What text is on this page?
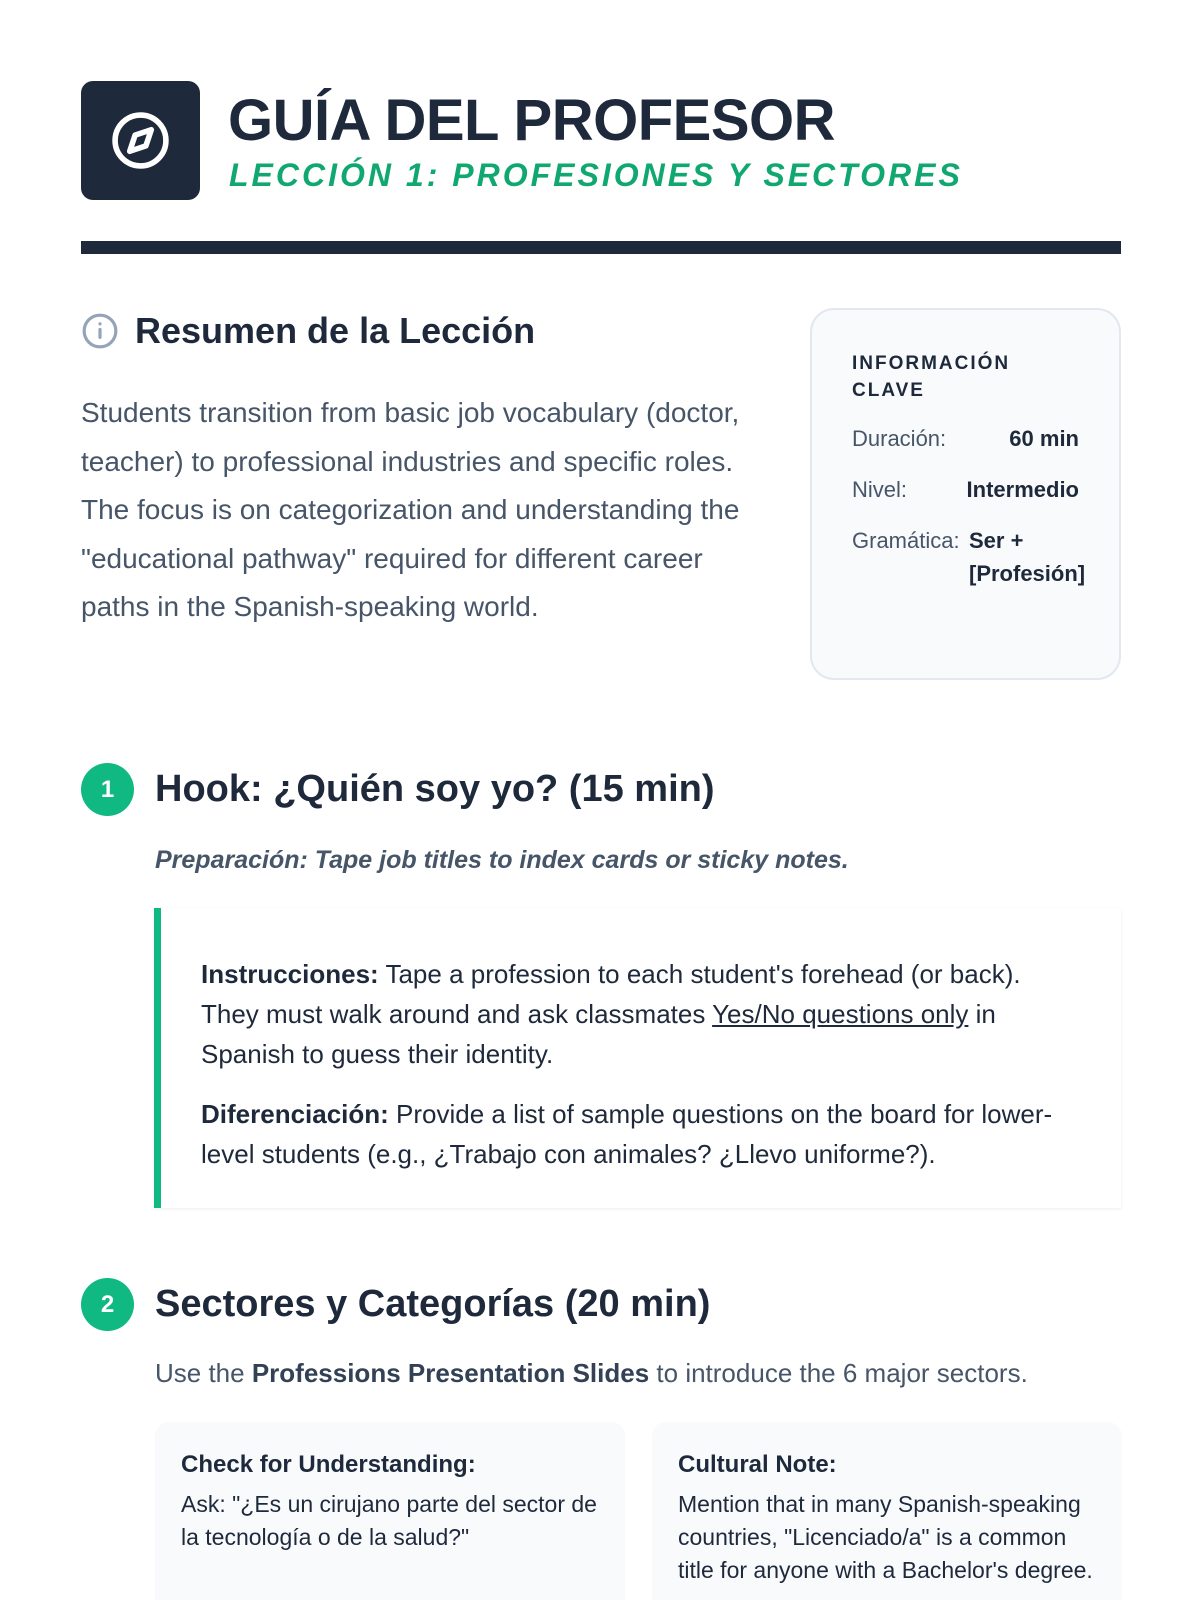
GUÍA DEL PROFESOR
LECCIÓN 1: PROFESIONES Y SECTORES
Resumen de la Lección

Students transition from basic job vocabulary (doctor, teacher) to professional industries and specific roles. The focus is on categorization and understanding the "educational pathway" required for different career paths in the Spanish-speaking world.

INFORMACIÓN CLAVE
Duración:	60 min
Nivel:	Intermedio
Gramática: Ser + [Profesión]
1	Hook: ¿Quién soy yo? (15 min)
Preparación: Tape job titles to index cards or sticky notes.

Instrucciones: Tape a profession to each student's forehead (or back). They must walk around and ask classmates Yes/No questions only in Spanish to guess their identity.

Diferenciación: Provide a list of sample questions on the board for lower-level students (e.g., ¿Trabajo con animales? ¿Llevo uniforme?).

2	Sectores y Categorías (20 min)
Use the Professions Presentation Slides to introduce the 6 major sectors.
Check for Understanding:

Ask: "¿Es un cirujano parte del sector de la tecnología o de la salud?"

Cultural Note:

Mention that in many Spanish-speaking countries, "Licenciado/a" is a common title for anyone with a Bachelor's degree.
